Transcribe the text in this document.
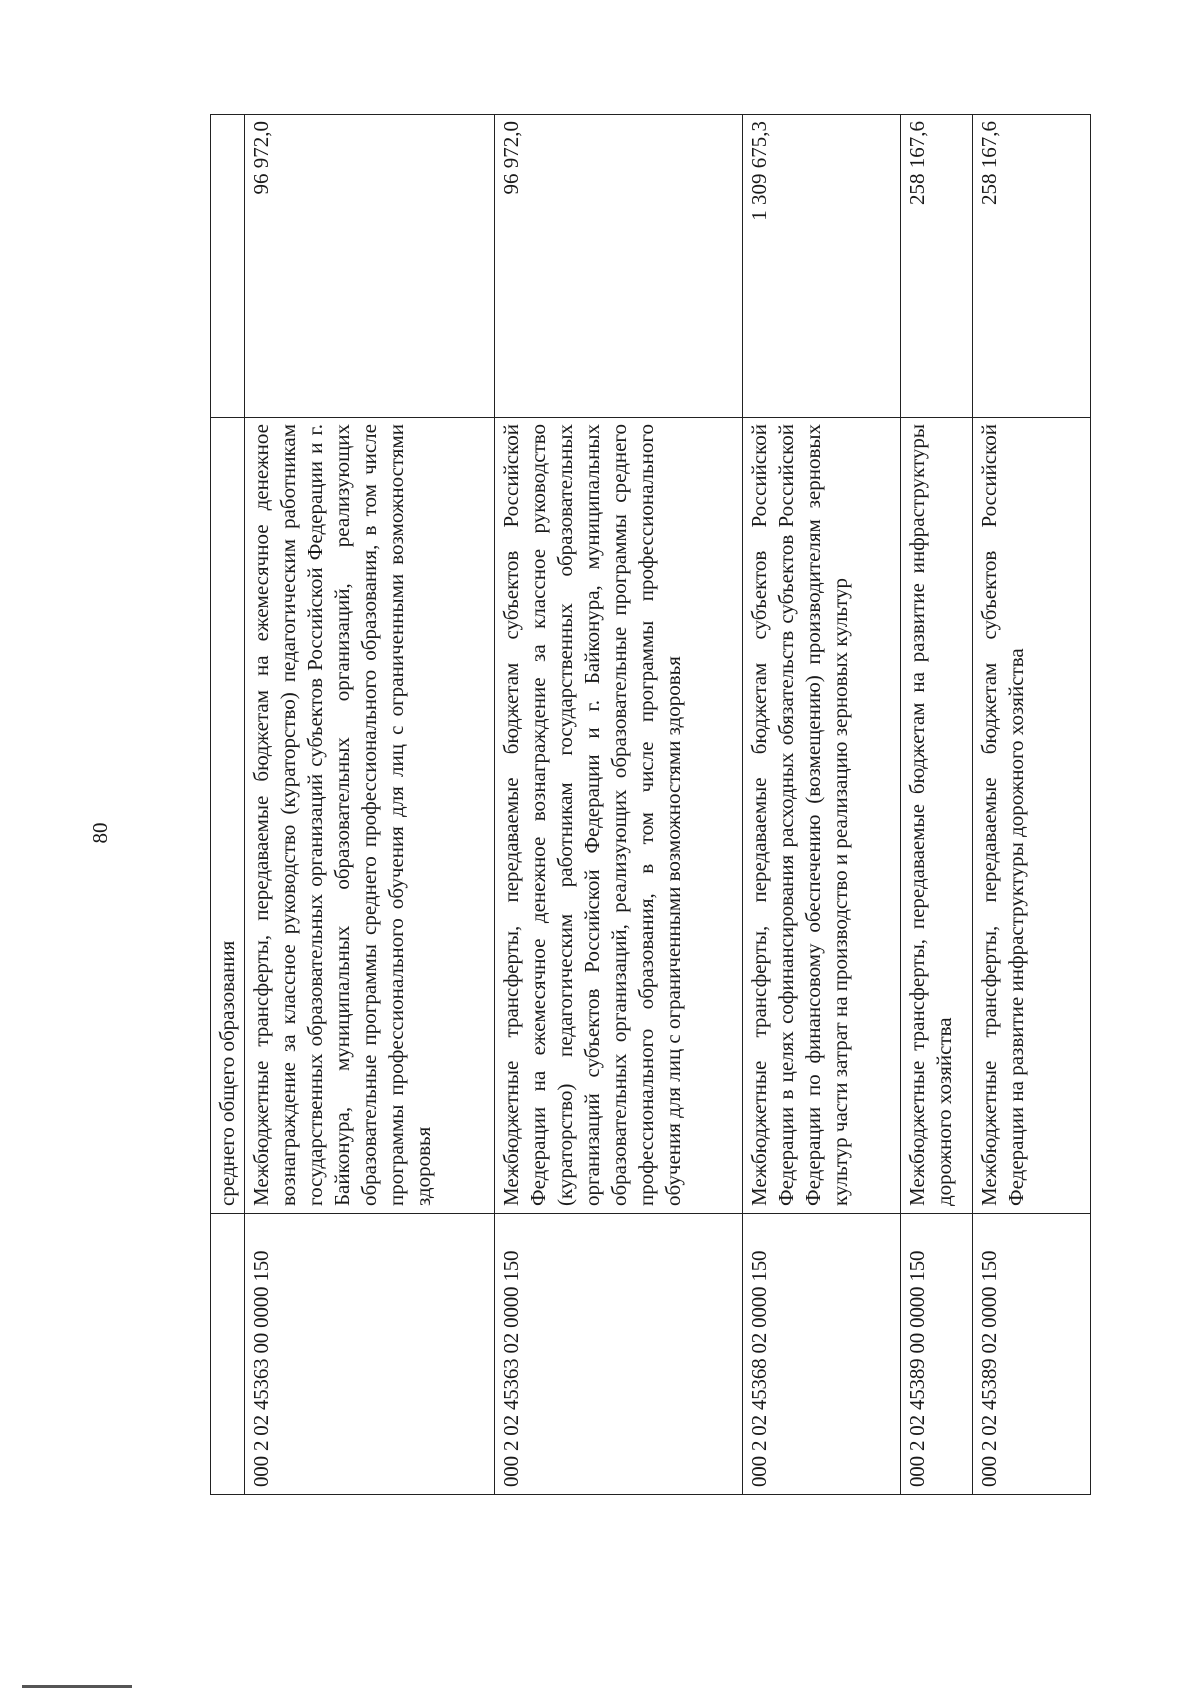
80
	среднего общего образования	
000 2 02 45363 00 0000 150	Межбюджетные трансферты, передаваемые бюджетам на ежемесячное денежное вознаграждение за классное руководство (кураторство) педагогическим работникам государственных образовательных организаций субъектов Российской Федерации и г. Байконура, муниципальных образовательных организаций, реализующих образовательные программы среднего профессионального образования, в том числе программы профессионального обучения для лиц с ограниченными возможностями здоровья	96 972,0
000 2 02 45363 02 0000 150	Межбюджетные трансферты, передаваемые бюджетам субъектов Российской Федерации на ежемесячное денежное вознаграждение за классное руководство (кураторство) педагогическим работникам государственных образовательных организаций субъектов Российской Федерации и г. Байконура, муниципальных образовательных организаций, реализующих образовательные программы среднего профессионального образования, в том числе программы профессионального обучения для лиц с ограниченными возможностями здоровья	96 972,0
000 2 02 45368 02 0000 150	Межбюджетные трансферты, передаваемые бюджетам субъектов Российской Федерации в целях софинансирования расходных обязательств субъектов Российской Федерации по финансовому обеспечению (возмещению) производителям зерновых культур части затрат на производство и реализацию зерновых культур	1 309 675,3
000 2 02 45389 00 0000 150	Межбюджетные трансферты, передаваемые бюджетам на развитие инфраструктуры дорожного хозяйства	258 167,6
000 2 02 45389 02 0000 150	Межбюджетные трансферты, передаваемые бюджетам субъектов Российской Федерации на развитие инфраструктуры дорожного хозяйства	258 167,6
